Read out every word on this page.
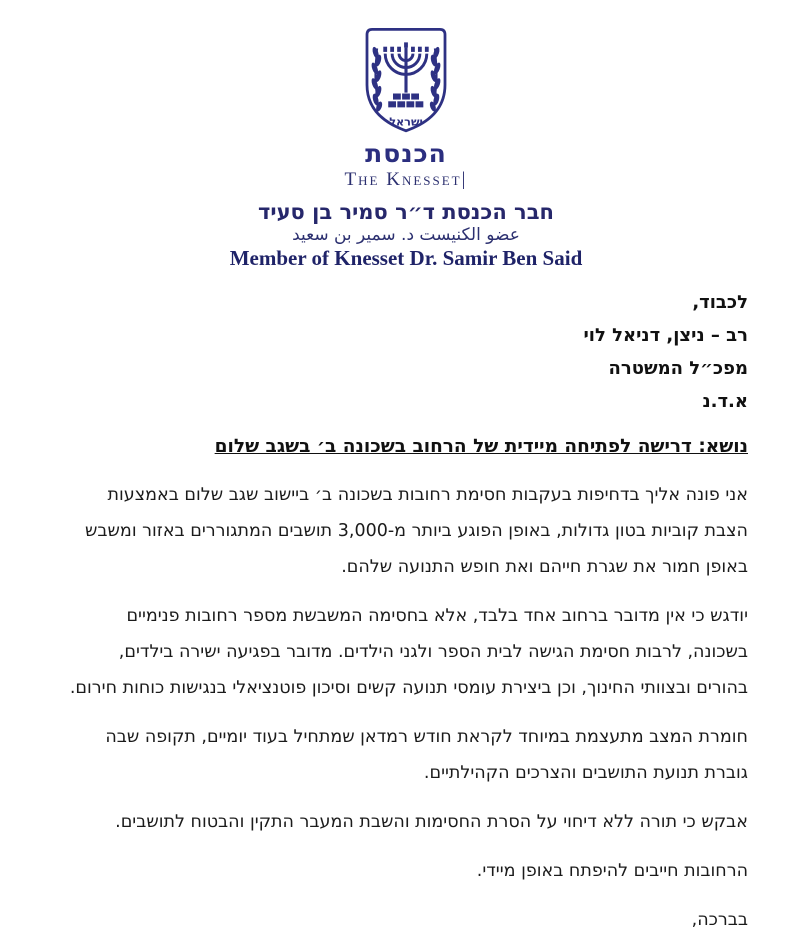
ישראל
הכנסת
The Knesset|
חבר הכנסת ד״ר סמיר בן סעיד
عضو الكنيست د. سمير بن سعيد
Member of Knesset Dr. Samir Ben Said
לכבוד,
רב – ניצן, דניאל לוי
מפכ״ל המשטרה
א.ד.נ
נושא: דרישה לפתיחה מיידית של הרחוב בשכונה ב׳ בשגב שלום

אני פונה אליך בדחיפות בעקבות חסימת רחובות בשכונה ב׳ ביישוב שגב שלום באמצעות הצבת קוביות בטון גדולות, באופן הפוגע ביותר מ-3,000 תושבים המתגוררים באזור ומשבש באופן חמור את שגרת חייהם ואת חופש התנועה שלהם.

יודגש כי אין מדובר ברחוב אחד בלבד, אלא בחסימה המשבשת מספר רחובות פנימיים בשכונה, לרבות חסימת הגישה לבית הספר ולגני הילדים. מדובר בפגיעה ישירה בילדים, בהורים ובצוותי החינוך, וכן ביצירת עומסי תנועה קשים וסיכון פוטנציאלי בנגישות כוחות חירום.

חומרת המצב מתעצמת במיוחד לקראת חודש רמדאן שמתחיל בעוד יומיים, תקופה שבה גוברת תנועת התושבים והצרכים הקהילתיים.

אבקש כי תורה ללא דיחוי על הסרת החסימות והשבת המעבר התקין והבטוח לתושבים.

הרחובות חייבים להיפתח באופן מיידי.

בברכה,
